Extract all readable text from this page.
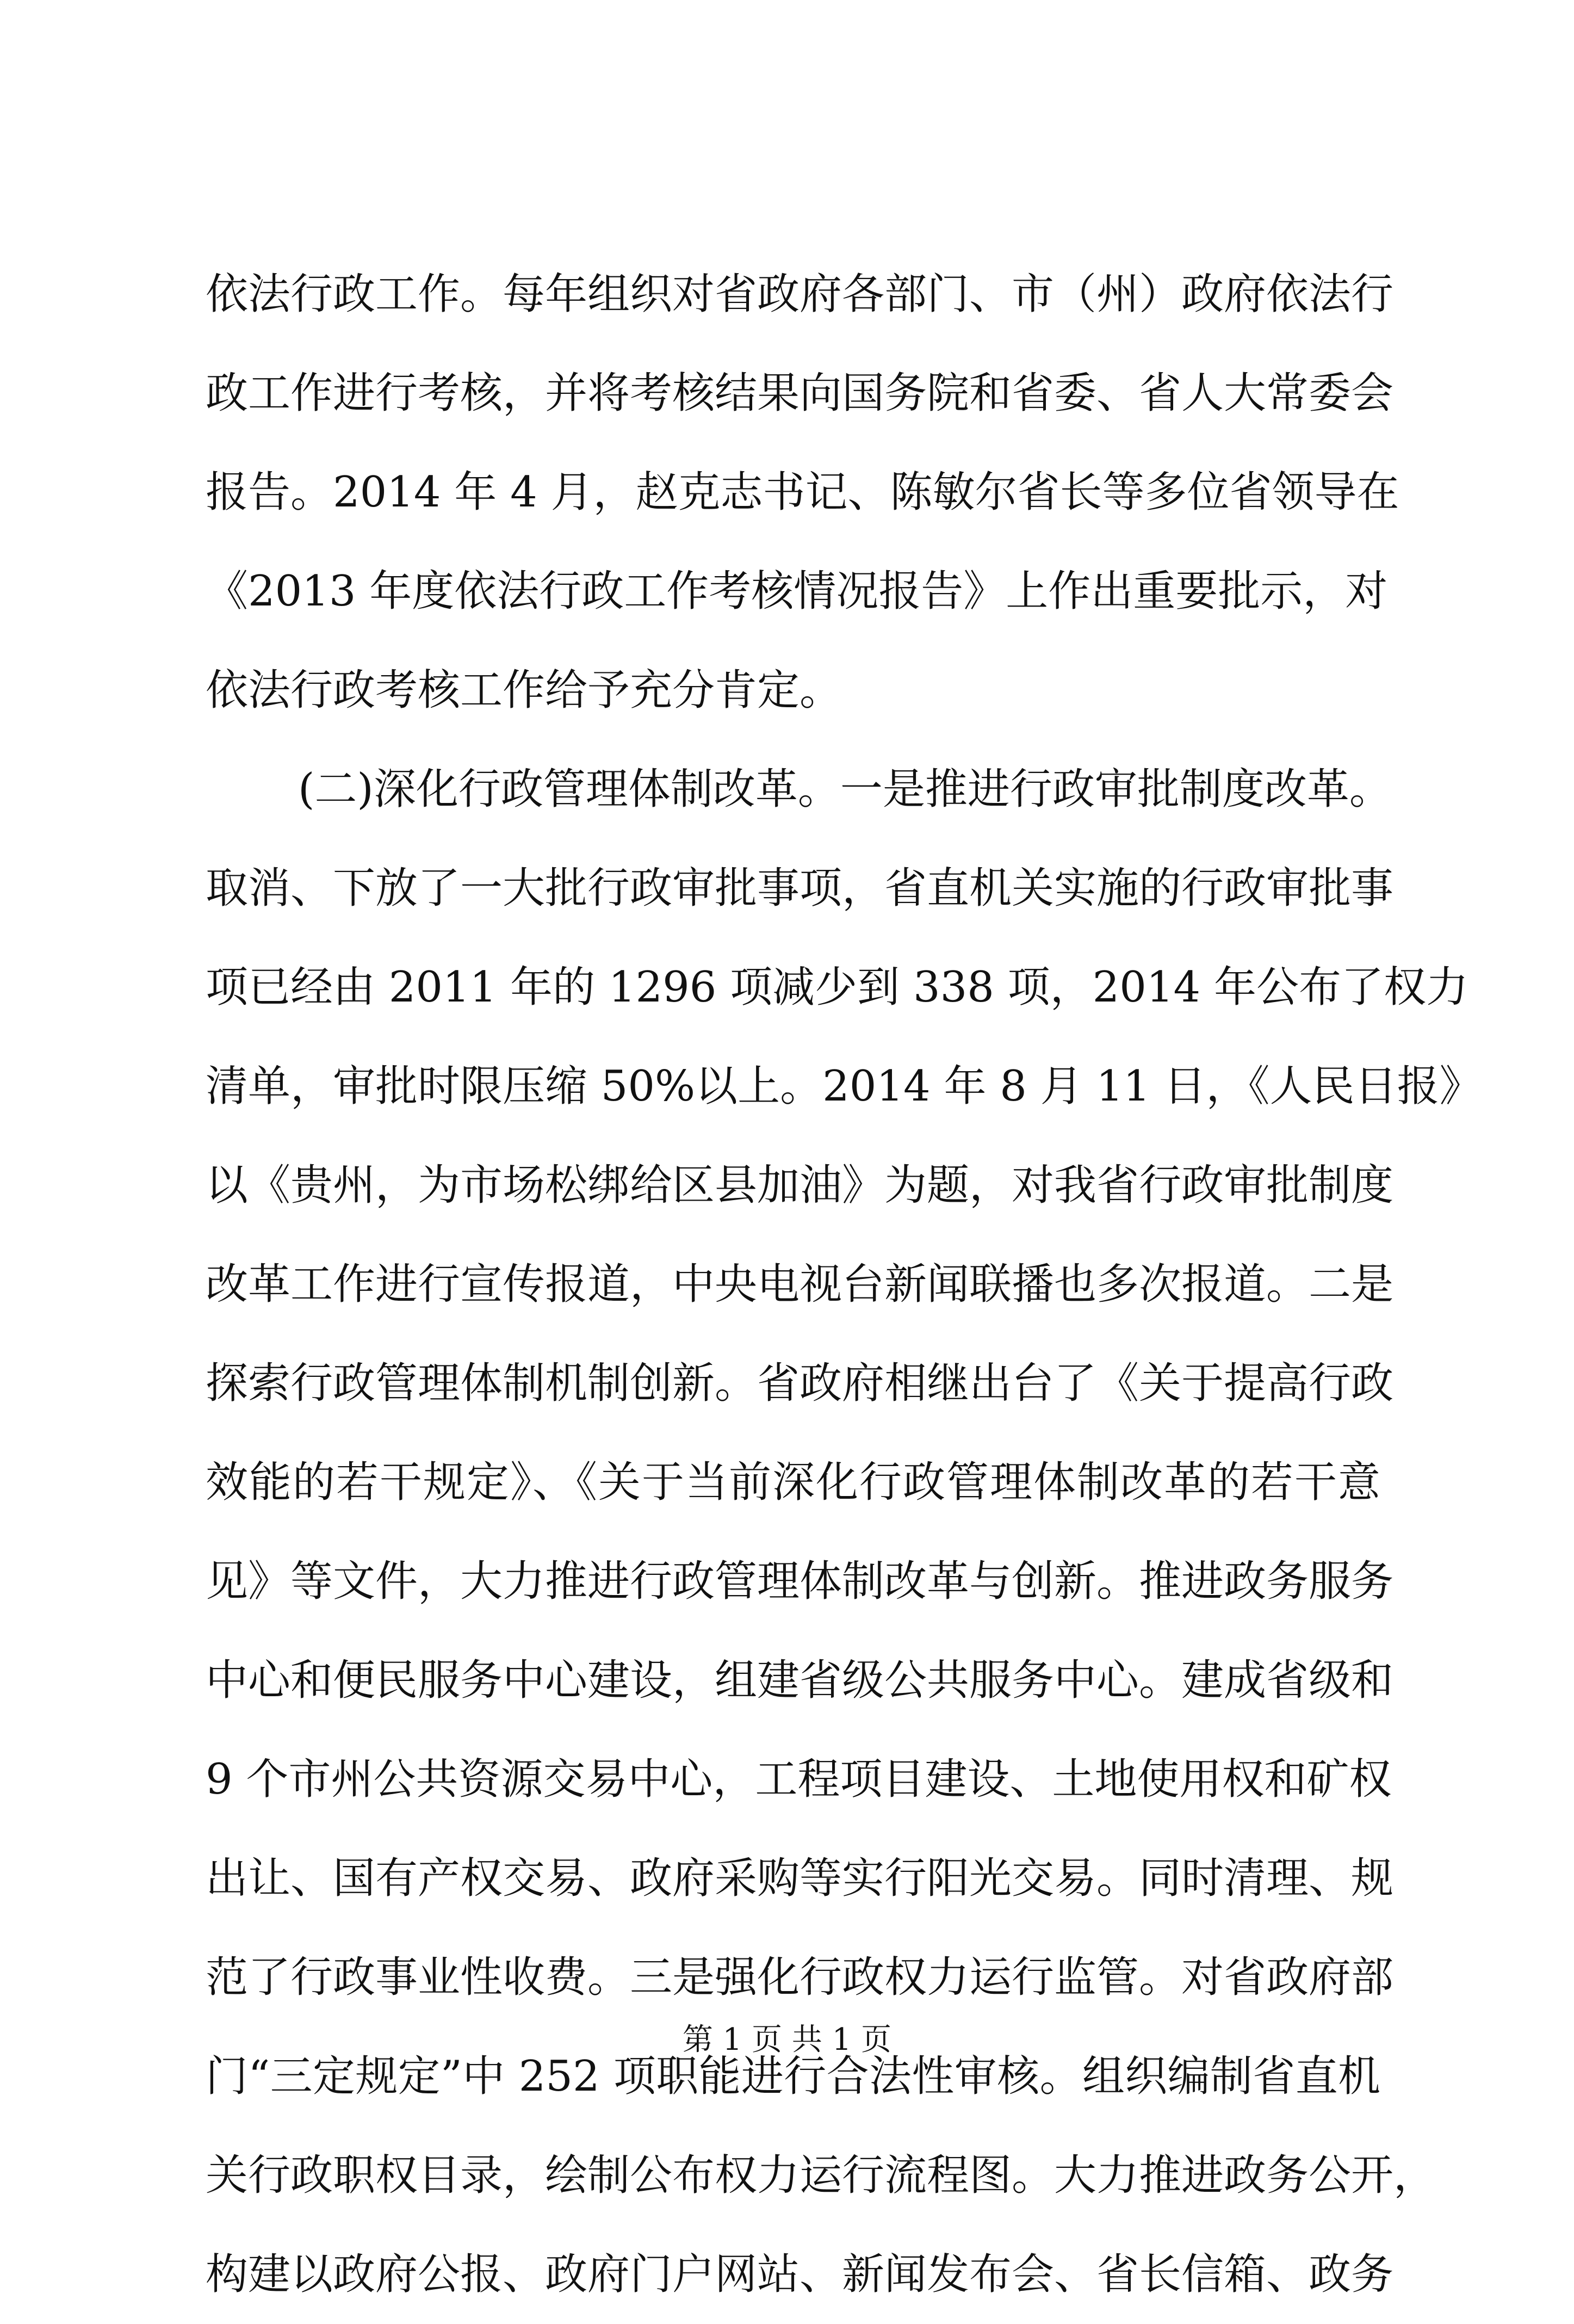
依法行政工作。每年组织对省政府各部门、市（州）政府依法行
政工作进行考核，并将考核结果向国务院和省委、省人大常委会
报告。2014 年 4 月，赵克志书记、陈敏尔省长等多位省领导在
《2013 年度依法行政工作考核情况报告》上作出重要批示，对
依法行政考核工作给予充分肯定。
(二)深化行政管理体制改革。一是推进行政审批制度改革。
取消、下放了一大批行政审批事项，省直机关实施的行政审批事
项已经由 2011 年的 1296 项减少到 338 项，2014 年公布了权力
清单，审批时限压缩 50%以上。2014 年 8 月 11 日，《人民日报》
以《贵州，为市场松绑给区县加油》为题，对我省行政审批制度
改革工作进行宣传报道，中央电视台新闻联播也多次报道。二是
探索行政管理体制机制创新。省政府相继出台了《关于提高行政
效能的若干规定》、《关于当前深化行政管理体制改革的若干意
见》等文件，大力推进行政管理体制改革与创新。推进政务服务
中心和便民服务中心建设，组建省级公共服务中心。建成省级和
9 个市州公共资源交易中心，工程项目建设、土地使用权和矿权
出让、国有产权交易、政府采购等实行阳光交易。同时清理、规
范了行政事业性收费。三是强化行政权力运行监管。对省政府部
门“三定规定”中 252 项职能进行合法性审核。组织编制省直机
关行政职权目录，绘制公布权力运行流程图。大力推进政务公开，
构建以政府公报、政府门户网站、新闻发布会、省长信箱、政务
第 1 页 共 1 页
